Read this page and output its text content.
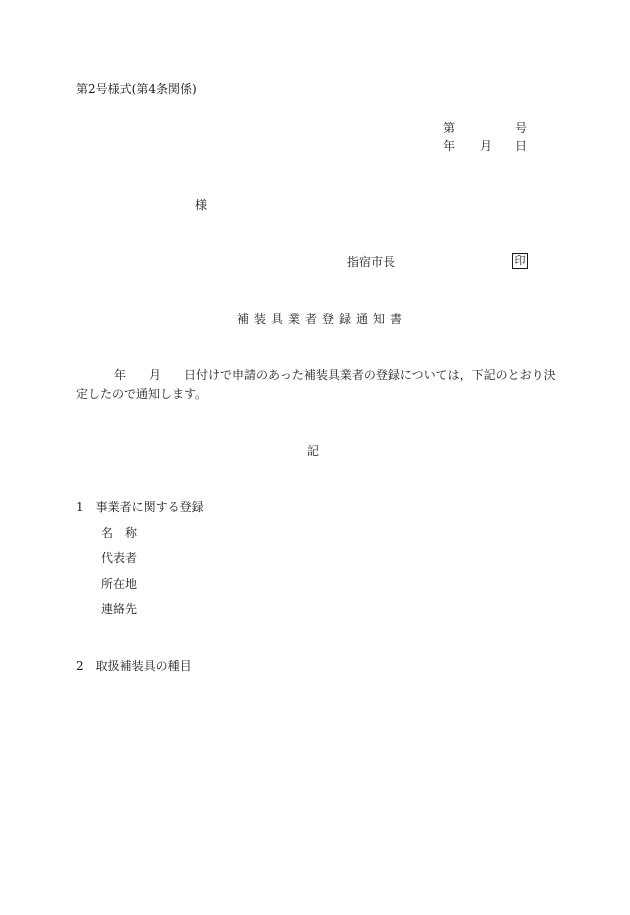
第2号様式(第4条関係)
第	号
年 月 日
様
指宿市長	印
補装具業者登録通知書
年 月 日付けで申請のあった補装具業者の登録については，下記のとおり決
定したので通知します。
記
1　事業者に関する登録
名　称
代表者
所在地
連絡先
2　取扱補装具の種目
